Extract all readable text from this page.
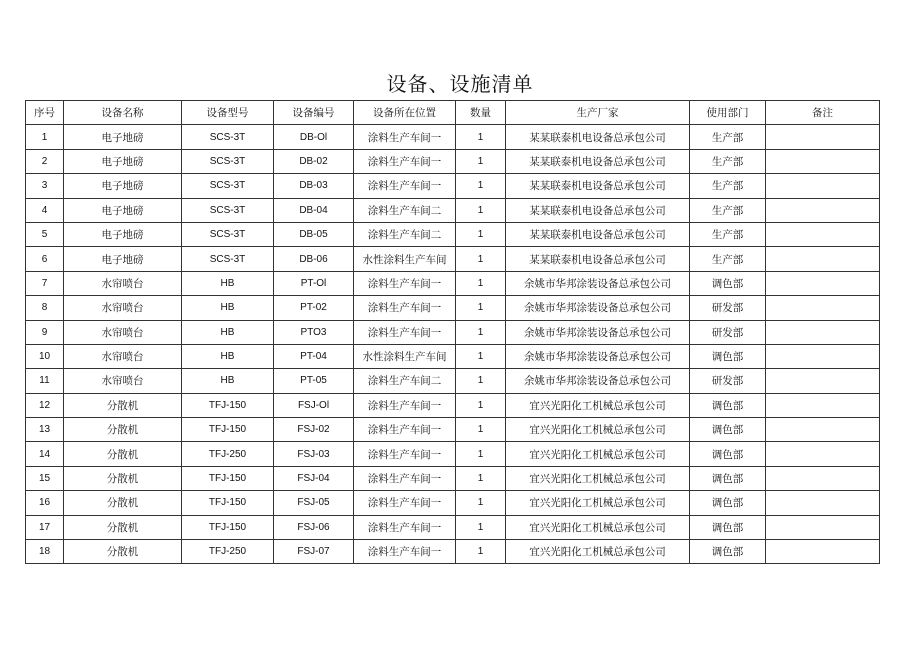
设备、设施清单
序号	设备名称	设备型号	设备编号	设备所在位置	数量	生产厂家	使用部门	备注
1	电子地磅	SCS-3T	DB-Ol	涂料生产车间一	1	某某联泰机电设备总承包公司	生产部	
2	电子地磅	SCS-3T	DB-02	涂料生产车间一	1	某某联泰机电设备总承包公司	生产部	
3	电子地磅	SCS-3T	DB-03	涂料生产车间一	1	某某联泰机电设备总承包公司	生产部	
4	电子地磅	SCS-3T	DB-04	涂料生产车间二	1	某某联泰机电设备总承包公司	生产部	
5	电子地磅	SCS-3T	DB-05	涂料生产车间二	1	某某联泰机电设备总承包公司	生产部	
6	电子地磅	SCS-3T	DB-06	水性涂料生产车间	1	某某联泰机电设备总承包公司	生产部	
7	水帘喷台	HB	PT-Ol	涂料生产车间一	1	余姚市华邦涂装设备总承包公司	调色部	
8	水帘喷台	HB	PT-02	涂料生产车间一	1	余姚市华邦涂装设备总承包公司	研发部	
9	水帘喷台	HB	PTO3	涂料生产车间一	1	余姚市华邦涂装设备总承包公司	研发部	
10	水帘喷台	HB	PT-04	水性涂料生产车间	1	余姚市华邦涂装设备总承包公司	调色部	
11	水帘喷台	HB	PT-05	涂料生产车间二	1	余姚市华邦涂装设备总承包公司	研发部	
12	分散机	TFJ-150	FSJ-Ol	涂料生产车间一	1	宜兴光阳化工机械总承包公司	调色部	
13	分散机	TFJ-150	FSJ-02	涂料生产车间一	1	宜兴光阳化工机械总承包公司	调色部	
14	分散机	TFJ-250	FSJ-03	涂料生产车间一	1	宜兴光阳化工机械总承包公司	调色部	
15	分散机	TFJ-150	FSJ-04	涂料生产车间一	1	宜兴光阳化工机械总承包公司	调色部	
16	分散机	TFJ-150	FSJ-05	涂料生产车间一	1	宜兴光阳化工机械总承包公司	调色部	
17	分散机	TFJ-150	FSJ-06	涂料生产车间一	1	宜兴光阳化工机械总承包公司	调色部	
18	分散机	TFJ-250	FSJ-07	涂料生产车间一	1	宜兴光阳化工机械总承包公司	调色部	
